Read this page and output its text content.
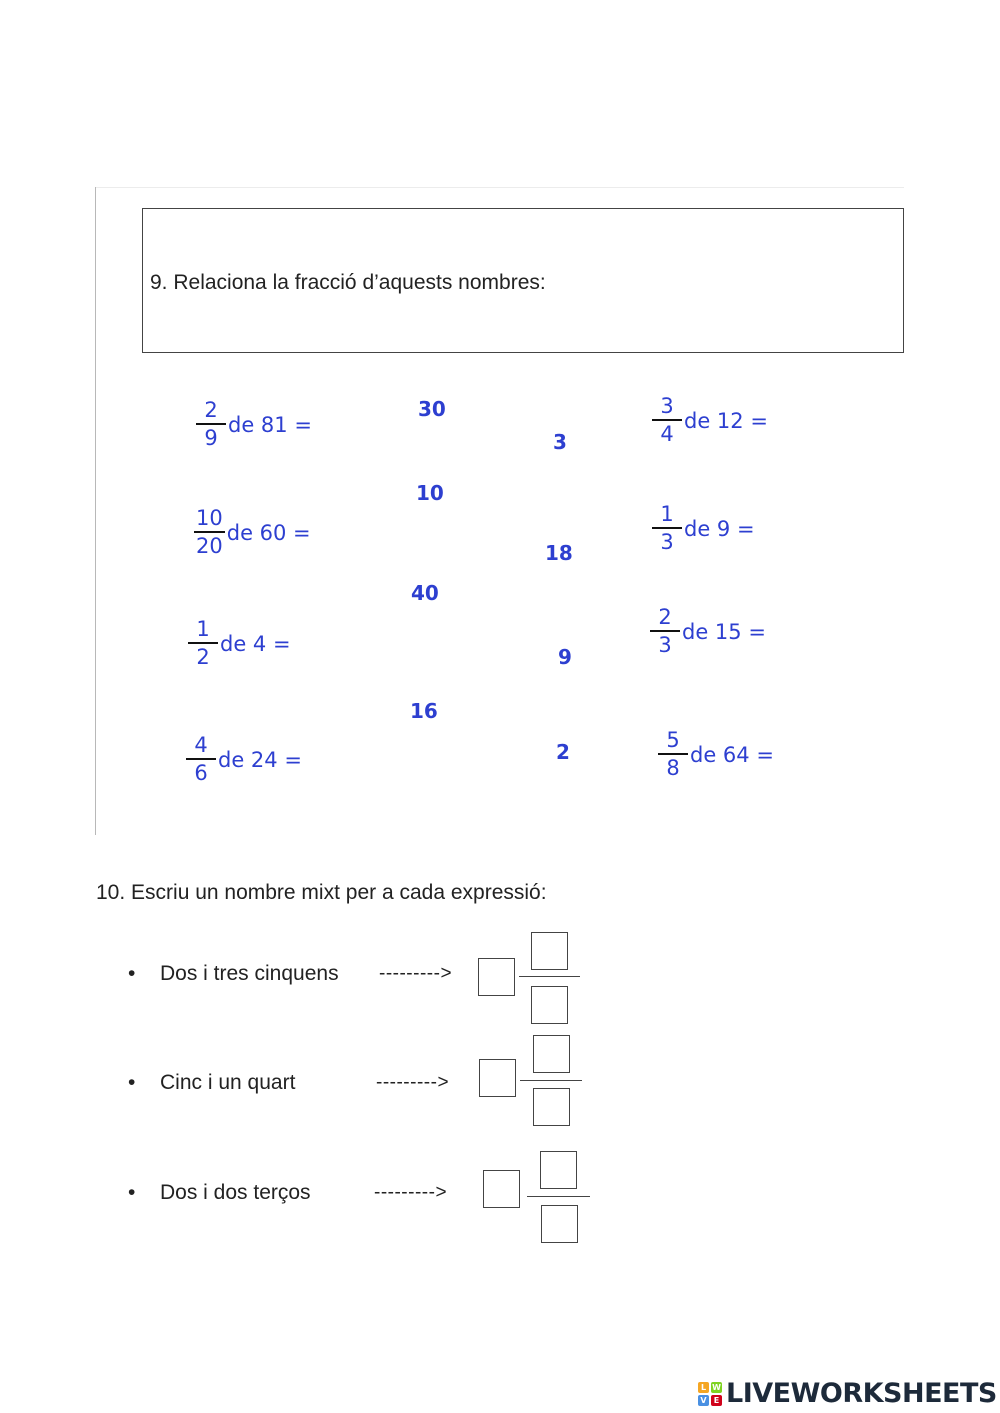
9. Relaciona la fracció d’aquests nombres:
$\frac{2}{9}$ de 81 =
$\frac{10}{20}$ de 60 =
$\frac{1}{2}$ de 4 =
$\frac{4}{6}$ de 24 =
30
10
40
16
3
18
9
2
$\frac{3}{4}$ de 12 =
$\frac{1}{3}$ de 9 =
$\frac{2}{3}$ de 15 =
$\frac{5}{8}$ de 64 =
10. Escriu un nombre mixt per a cada expressió:
• Dos i tres cinquens --------->
• Cinc i un quart	--------->
• Dos i dos terços	--------->
L W
V E LIVEWORKSHEETS
